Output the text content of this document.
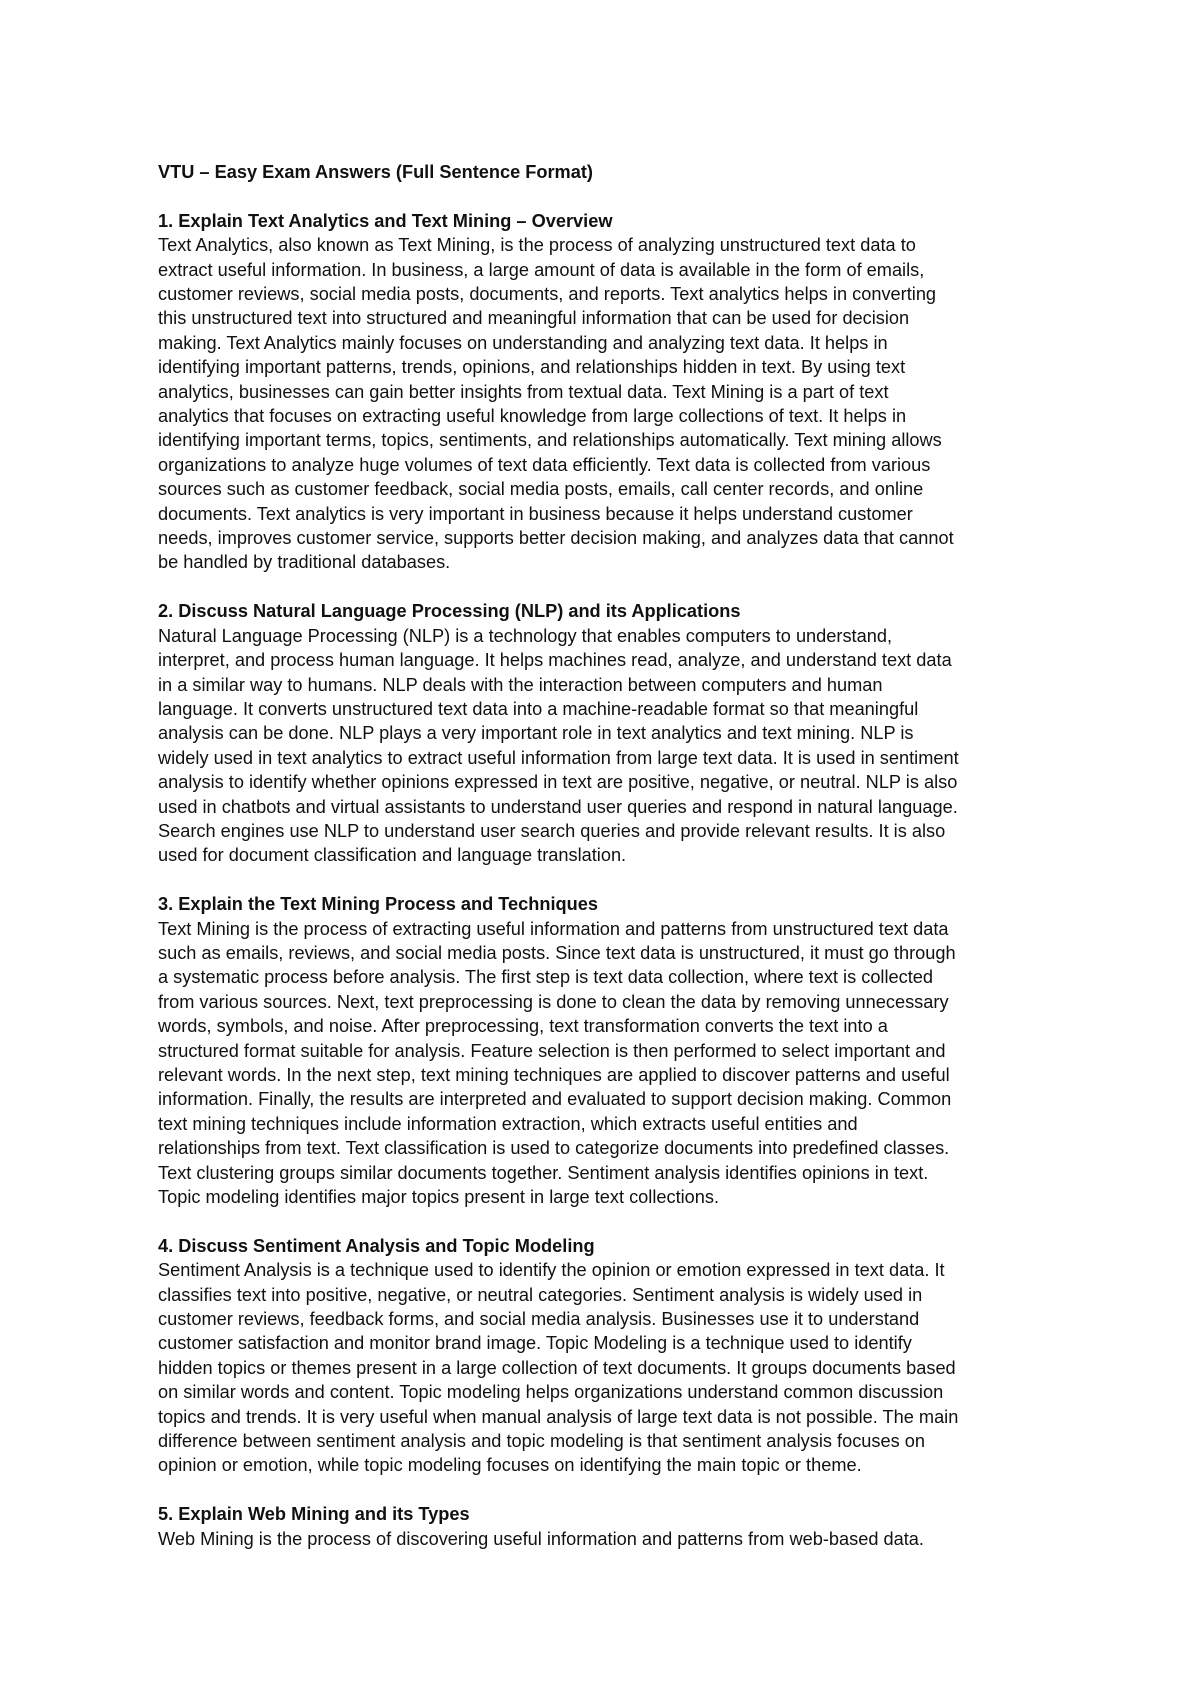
VTU – Easy Exam Answers (Full Sentence Format)
1. Explain Text Analytics and Text Mining – Overview
Text Analytics, also known as Text Mining, is the process of analyzing unstructured text data to
extract useful information. In business, a large amount of data is available in the form of emails,
customer reviews, social media posts, documents, and reports. Text analytics helps in converting
this unstructured text into structured and meaningful information that can be used for decision
making. Text Analytics mainly focuses on understanding and analyzing text data. It helps in
identifying important patterns, trends, opinions, and relationships hidden in text. By using text
analytics, businesses can gain better insights from textual data. Text Mining is a part of text
analytics that focuses on extracting useful knowledge from large collections of text. It helps in
identifying important terms, topics, sentiments, and relationships automatically. Text mining allows
organizations to analyze huge volumes of text data efficiently. Text data is collected from various
sources such as customer feedback, social media posts, emails, call center records, and online
documents. Text analytics is very important in business because it helps understand customer
needs, improves customer service, supports better decision making, and analyzes data that cannot
be handled by traditional databases.
2. Discuss Natural Language Processing (NLP) and its Applications
Natural Language Processing (NLP) is a technology that enables computers to understand,
interpret, and process human language. It helps machines read, analyze, and understand text data
in a similar way to humans. NLP deals with the interaction between computers and human
language. It converts unstructured text data into a machine-readable format so that meaningful
analysis can be done. NLP plays a very important role in text analytics and text mining. NLP is
widely used in text analytics to extract useful information from large text data. It is used in sentiment
analysis to identify whether opinions expressed in text are positive, negative, or neutral. NLP is also
used in chatbots and virtual assistants to understand user queries and respond in natural language.
Search engines use NLP to understand user search queries and provide relevant results. It is also
used for document classification and language translation.
3. Explain the Text Mining Process and Techniques
Text Mining is the process of extracting useful information and patterns from unstructured text data
such as emails, reviews, and social media posts. Since text data is unstructured, it must go through
a systematic process before analysis. The first step is text data collection, where text is collected
from various sources. Next, text preprocessing is done to clean the data by removing unnecessary
words, symbols, and noise. After preprocessing, text transformation converts the text into a
structured format suitable for analysis. Feature selection is then performed to select important and
relevant words. In the next step, text mining techniques are applied to discover patterns and useful
information. Finally, the results are interpreted and evaluated to support decision making. Common
text mining techniques include information extraction, which extracts useful entities and
relationships from text. Text classification is used to categorize documents into predefined classes.
Text clustering groups similar documents together. Sentiment analysis identifies opinions in text.
Topic modeling identifies major topics present in large text collections.
4. Discuss Sentiment Analysis and Topic Modeling
Sentiment Analysis is a technique used to identify the opinion or emotion expressed in text data. It
classifies text into positive, negative, or neutral categories. Sentiment analysis is widely used in
customer reviews, feedback forms, and social media analysis. Businesses use it to understand
customer satisfaction and monitor brand image. Topic Modeling is a technique used to identify
hidden topics or themes present in a large collection of text documents. It groups documents based
on similar words and content. Topic modeling helps organizations understand common discussion
topics and trends. It is very useful when manual analysis of large text data is not possible. The main
difference between sentiment analysis and topic modeling is that sentiment analysis focuses on
opinion or emotion, while topic modeling focuses on identifying the main topic or theme.
5. Explain Web Mining and its Types
Web Mining is the process of discovering useful information and patterns from web-based data.
